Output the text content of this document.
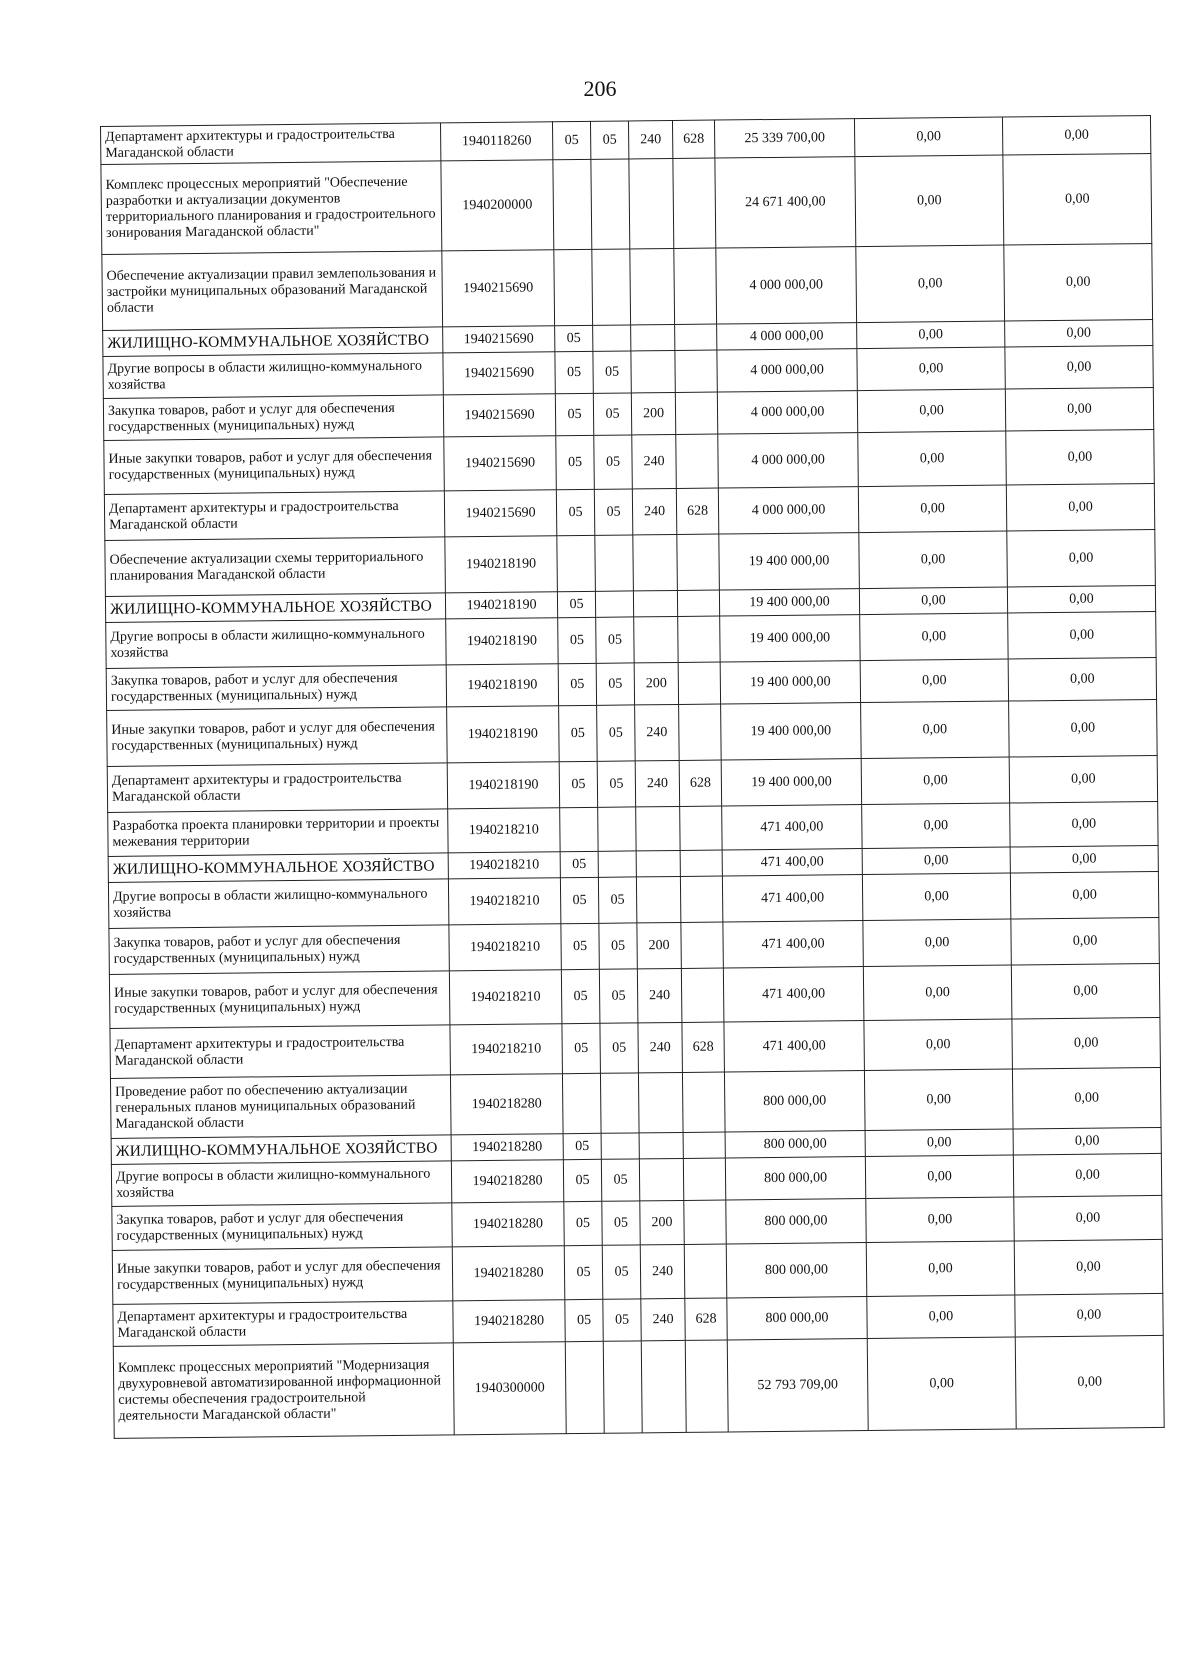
206
Департамент архитектуры и градостроительства Магаданской области	1940118260	05	05	240	628	25 339 700,00	0,00	0,00
Комплекс процессных мероприятий "Обеспечение разработки и актуализации документов территориального планирования и градостроительного зонирования Магаданской области"	1940200000					24 671 400,00	0,00	0,00
Обеспечение актуализации правил землепользования и застройки муниципальных образований Магаданской области	1940215690					4 000 000,00	0,00	0,00
ЖИЛИЩНО-КОММУНАЛЬНОЕ ХОЗЯЙСТВО	1940215690	05				4 000 000,00	0,00	0,00
Другие вопросы в области жилищно-коммунального хозяйства	1940215690	05	05			4 000 000,00	0,00	0,00
Закупка товаров, работ и услуг для обеспечения государственных (муниципальных) нужд	1940215690	05	05	200		4 000 000,00	0,00	0,00
Иные закупки товаров, работ и услуг для обеспечения государственных (муниципальных) нужд	1940215690	05	05	240		4 000 000,00	0,00	0,00
Департамент архитектуры и градостроительства Магаданской области	1940215690	05	05	240	628	4 000 000,00	0,00	0,00
Обеспечение актуализации схемы территориального планирования Магаданской области	1940218190					19 400 000,00	0,00	0,00
ЖИЛИЩНО-КОММУНАЛЬНОЕ ХОЗЯЙСТВО	1940218190	05				19 400 000,00	0,00	0,00
Другие вопросы в области жилищно-коммунального хозяйства	1940218190	05	05			19 400 000,00	0,00	0,00
Закупка товаров, работ и услуг для обеспечения государственных (муниципальных) нужд	1940218190	05	05	200		19 400 000,00	0,00	0,00
Иные закупки товаров, работ и услуг для обеспечения государственных (муниципальных) нужд	1940218190	05	05	240		19 400 000,00	0,00	0,00
Департамент архитектуры и градостроительства Магаданской области	1940218190	05	05	240	628	19 400 000,00	0,00	0,00
Разработка проекта планировки территории и проекты межевания территории	1940218210					471 400,00	0,00	0,00
ЖИЛИЩНО-КОММУНАЛЬНОЕ ХОЗЯЙСТВО	1940218210	05				471 400,00	0,00	0,00
Другие вопросы в области жилищно-коммунального хозяйства	1940218210	05	05			471 400,00	0,00	0,00
Закупка товаров, работ и услуг для обеспечения государственных (муниципальных) нужд	1940218210	05	05	200		471 400,00	0,00	0,00
Иные закупки товаров, работ и услуг для обеспечения государственных (муниципальных) нужд	1940218210	05	05	240		471 400,00	0,00	0,00
Департамент архитектуры и градостроительства Магаданской области	1940218210	05	05	240	628	471 400,00	0,00	0,00
Проведение работ по обеспечению актуализации генеральных планов муниципальных образований Магаданской области	1940218280					800 000,00	0,00	0,00
ЖИЛИЩНО-КОММУНАЛЬНОЕ ХОЗЯЙСТВО	1940218280	05				800 000,00	0,00	0,00
Другие вопросы в области жилищно-коммунального хозяйства	1940218280	05	05			800 000,00	0,00	0,00
Закупка товаров, работ и услуг для обеспечения государственных (муниципальных) нужд	1940218280	05	05	200		800 000,00	0,00	0,00
Иные закупки товаров, работ и услуг для обеспечения государственных (муниципальных) нужд	1940218280	05	05	240		800 000,00	0,00	0,00
Департамент архитектуры и градостроительства Магаданской области	1940218280	05	05	240	628	800 000,00	0,00	0,00
Комплекс процессных мероприятий "Модернизация двухуровневой автоматизированной информационной системы обеспечения градостроительной деятельности Магаданской области"	1940300000					52 793 709,00	0,00	0,00
